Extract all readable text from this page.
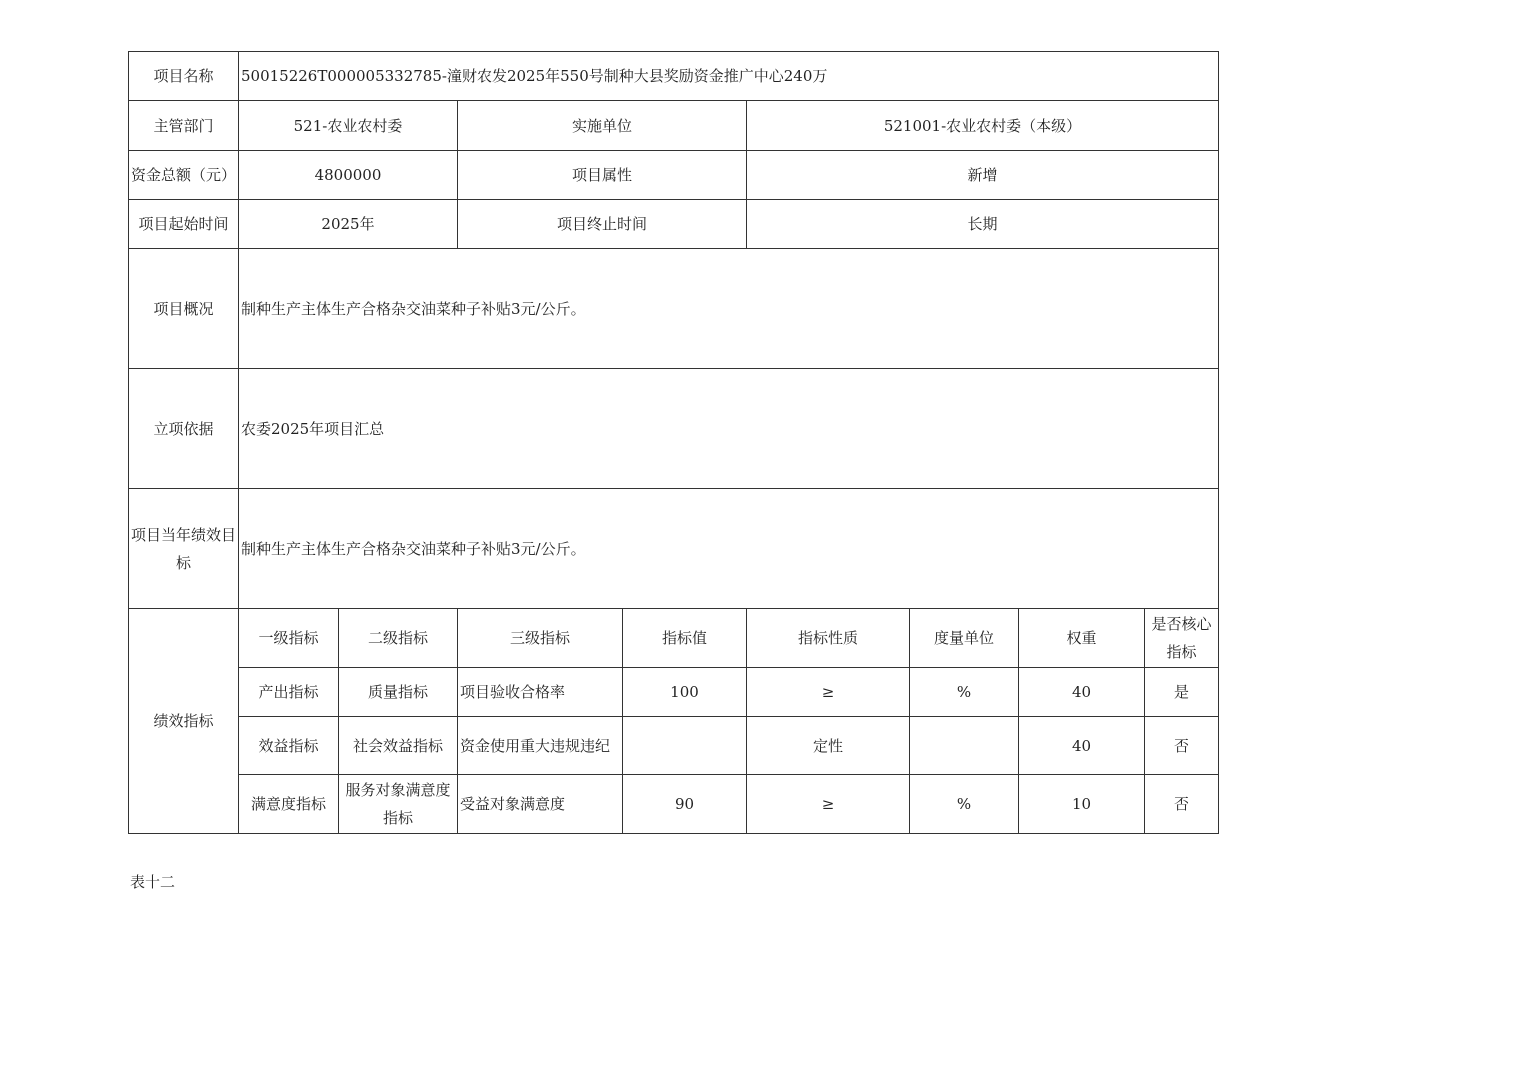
项目名称	50015226T000005332785-潼财农发2025年550号制种大县奖励资金推广中心240万							
主管部门	521-农业农村委		实施单位		521001-农业农村委（本级）			
资金总额（元）	4800000		项目属性		新增			
项目起始时间	2025年		项目终止时间		长期			
项目概况	制种生产主体生产合格杂交油菜种子补贴3元/公斤。							
立项依据	农委2025年项目汇总							
项目当年绩效目标	制种生产主体生产合格杂交油菜种子补贴3元/公斤。							
绩效指标	一级指标	二级指标	三级指标	指标值	指标性质	度量单位	权重	是否核心指标
	产出指标	质量指标	项目验收合格率	100	≥	%	40	是
	效益指标	社会效益指标	资金使用重大违规违纪		定性		40	否
	满意度指标	服务对象满意度指标	受益对象满意度	90	≥	%	10	否
表十二
